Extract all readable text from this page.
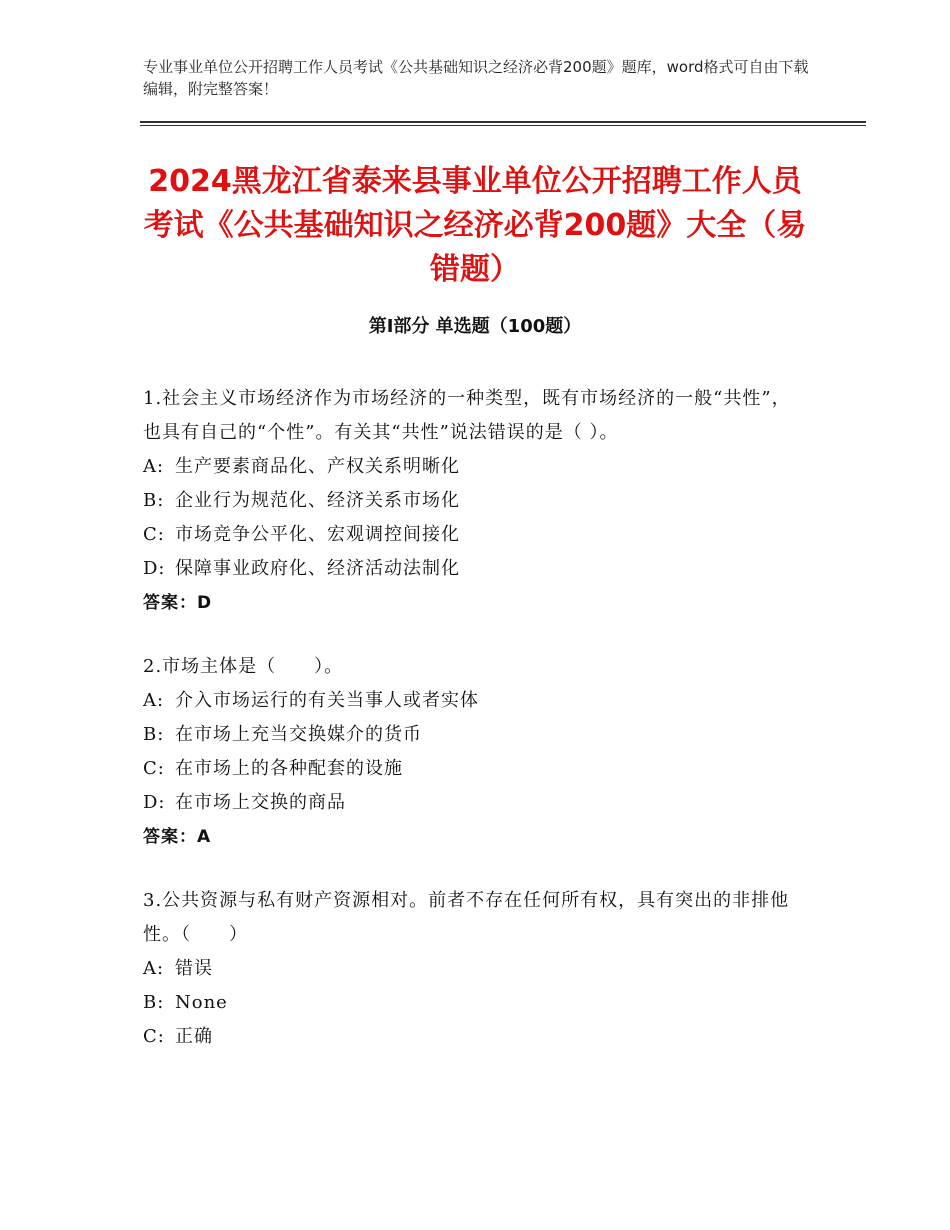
专业事业单位公开招聘工作人员考试《公共基础知识之经济必背200题》题库，word格式可自由下载编辑，附完整答案！
2024黑龙江省泰来县事业单位公开招聘工作人员考试《公共基础知识之经济必背200题》大全（易错题）
第Ⅰ部分 单选题（100题）
1.社会主义市场经济作为市场经济的一种类型，既有市场经济的一般“共性”，也具有自己的“个性”。有关其“共性”说法错误的是（ ）。
A: 生产要素商品化、产权关系明晰化
B: 企业行为规范化、经济关系市场化
C: 市场竞争公平化、宏观调控间接化
D: 保障事业政府化、经济活动法制化
答案：D
2.市场主体是（　　）。
A: 介入市场运行的有关当事人或者实体
B: 在市场上充当交换媒介的货币
C: 在市场上的各种配套的设施
D: 在市场上交换的商品
答案：A
3.公共资源与私有财产资源相对。前者不存在任何所有权，具有突出的非排他性。（　　）
A: 错误
B: None
C: 正确
